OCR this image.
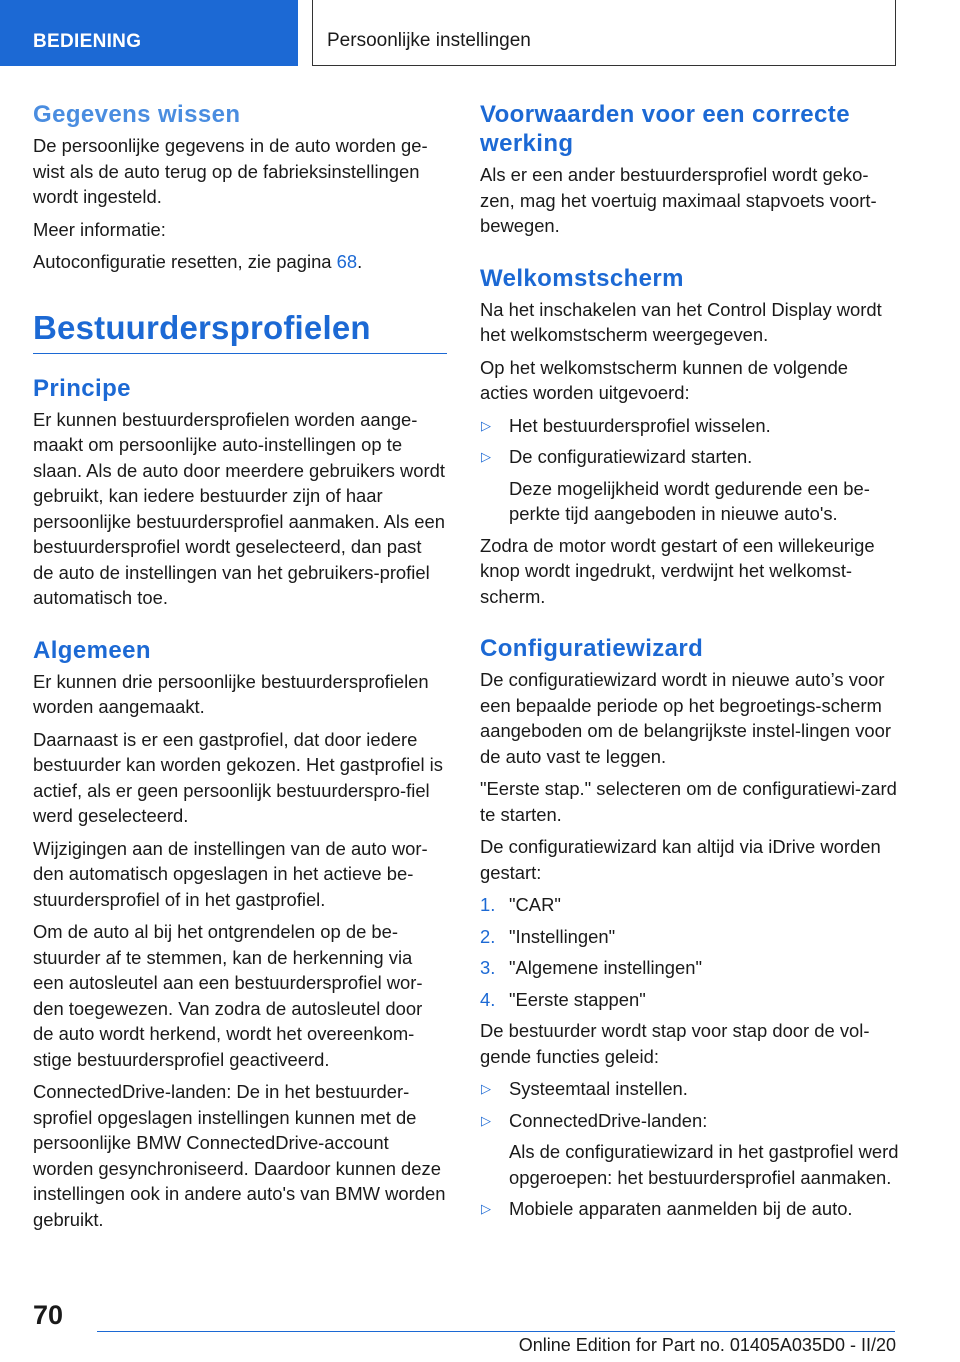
BEDIENING	Persoonlijke instellingen
Gegevens wissen

De persoonlijke gegevens in de auto worden ge-wist als de auto terug op de fabrieksinstellingen wordt ingesteld.

Meer informatie:

Autoconfiguratie resetten, zie pagina 68.

Bestuurdersprofielen
Principe

Er kunnen bestuurdersprofielen worden aange-maakt om persoonlijke auto-instellingen op te slaan. Als de auto door meerdere gebruikers wordt gebruikt, kan iedere bestuurder zijn of haar persoonlijke bestuurdersprofiel aanmaken. Als een bestuurdersprofiel wordt geselecteerd, dan past de auto de instellingen van het gebruikers-profiel automatisch toe.

Algemeen

Er kunnen drie persoonlijke bestuurdersprofielen worden aangemaakt.

Daarnaast is er een gastprofiel, dat door iedere bestuurder kan worden gekozen. Het gastprofiel is actief, als er geen persoonlijk bestuurderspro-fiel werd geselecteerd.

Wijzigingen aan de instellingen van de auto wor-den automatisch opgeslagen in het actieve be-stuurdersprofiel of in het gastprofiel.

Om de auto al bij het ontgrendelen op de be-stuurder af te stemmen, kan de herkenning via een autosleutel aan een bestuurdersprofiel wor-den toegewezen. Van zodra de autosleutel door de auto wordt herkend, wordt het overeenkom-stige bestuurdersprofiel geactiveerd.

ConnectedDrive-landen: De in het bestuurder-sprofiel opgeslagen instellingen kunnen met de persoonlijke BMW ConnectedDrive-account worden gesynchroniseerd. Daardoor kunnen deze instellingen ook in andere auto's van BMW worden gebruikt.

Voorwaarden voor een correcte werking

Als er een ander bestuurdersprofiel wordt geko-zen, mag het voertuig maximaal stapvoets voort-bewegen.

Welkomstscherm

Na het inschakelen van het Control Display wordt het welkomstscherm weergegeven.

Op het welkomstscherm kunnen de volgende acties worden uitgevoerd:

▷ Het bestuurdersprofiel wisselen.
▷ De configuratiewizard starten.
Deze mogelijkheid wordt gedurende een be-perkte tijd aangeboden in nieuwe auto's.

Zodra de motor wordt gestart of een willekeurige knop wordt ingedrukt, verdwijnt het welkomst-scherm.

Configuratiewizard

De configuratiewizard wordt in nieuwe auto’s voor een bepaalde periode op het begroetings-scherm aangeboden om de belangrijkste instel-lingen voor de auto vast te leggen.

"Eerste stap." selecteren om de configuratiewi-zard te starten.

De configuratiewizard kan altijd via iDrive worden gestart:

1. "CAR"
2. "Instellingen"
3. "Algemene instellingen"
4. "Eerste stappen"

De bestuurder wordt stap voor stap door de vol-gende functies geleid:

▷ Systeemtaal instellen.
▷ ConnectedDrive-landen:
Als de configuratiewizard in het gastprofiel werd opgeroepen: het bestuurdersprofiel aanmaken.
▷ Mobiele apparaten aanmelden bij de auto.
70
Online Edition for Part no. 01405A035D0 - II/20
